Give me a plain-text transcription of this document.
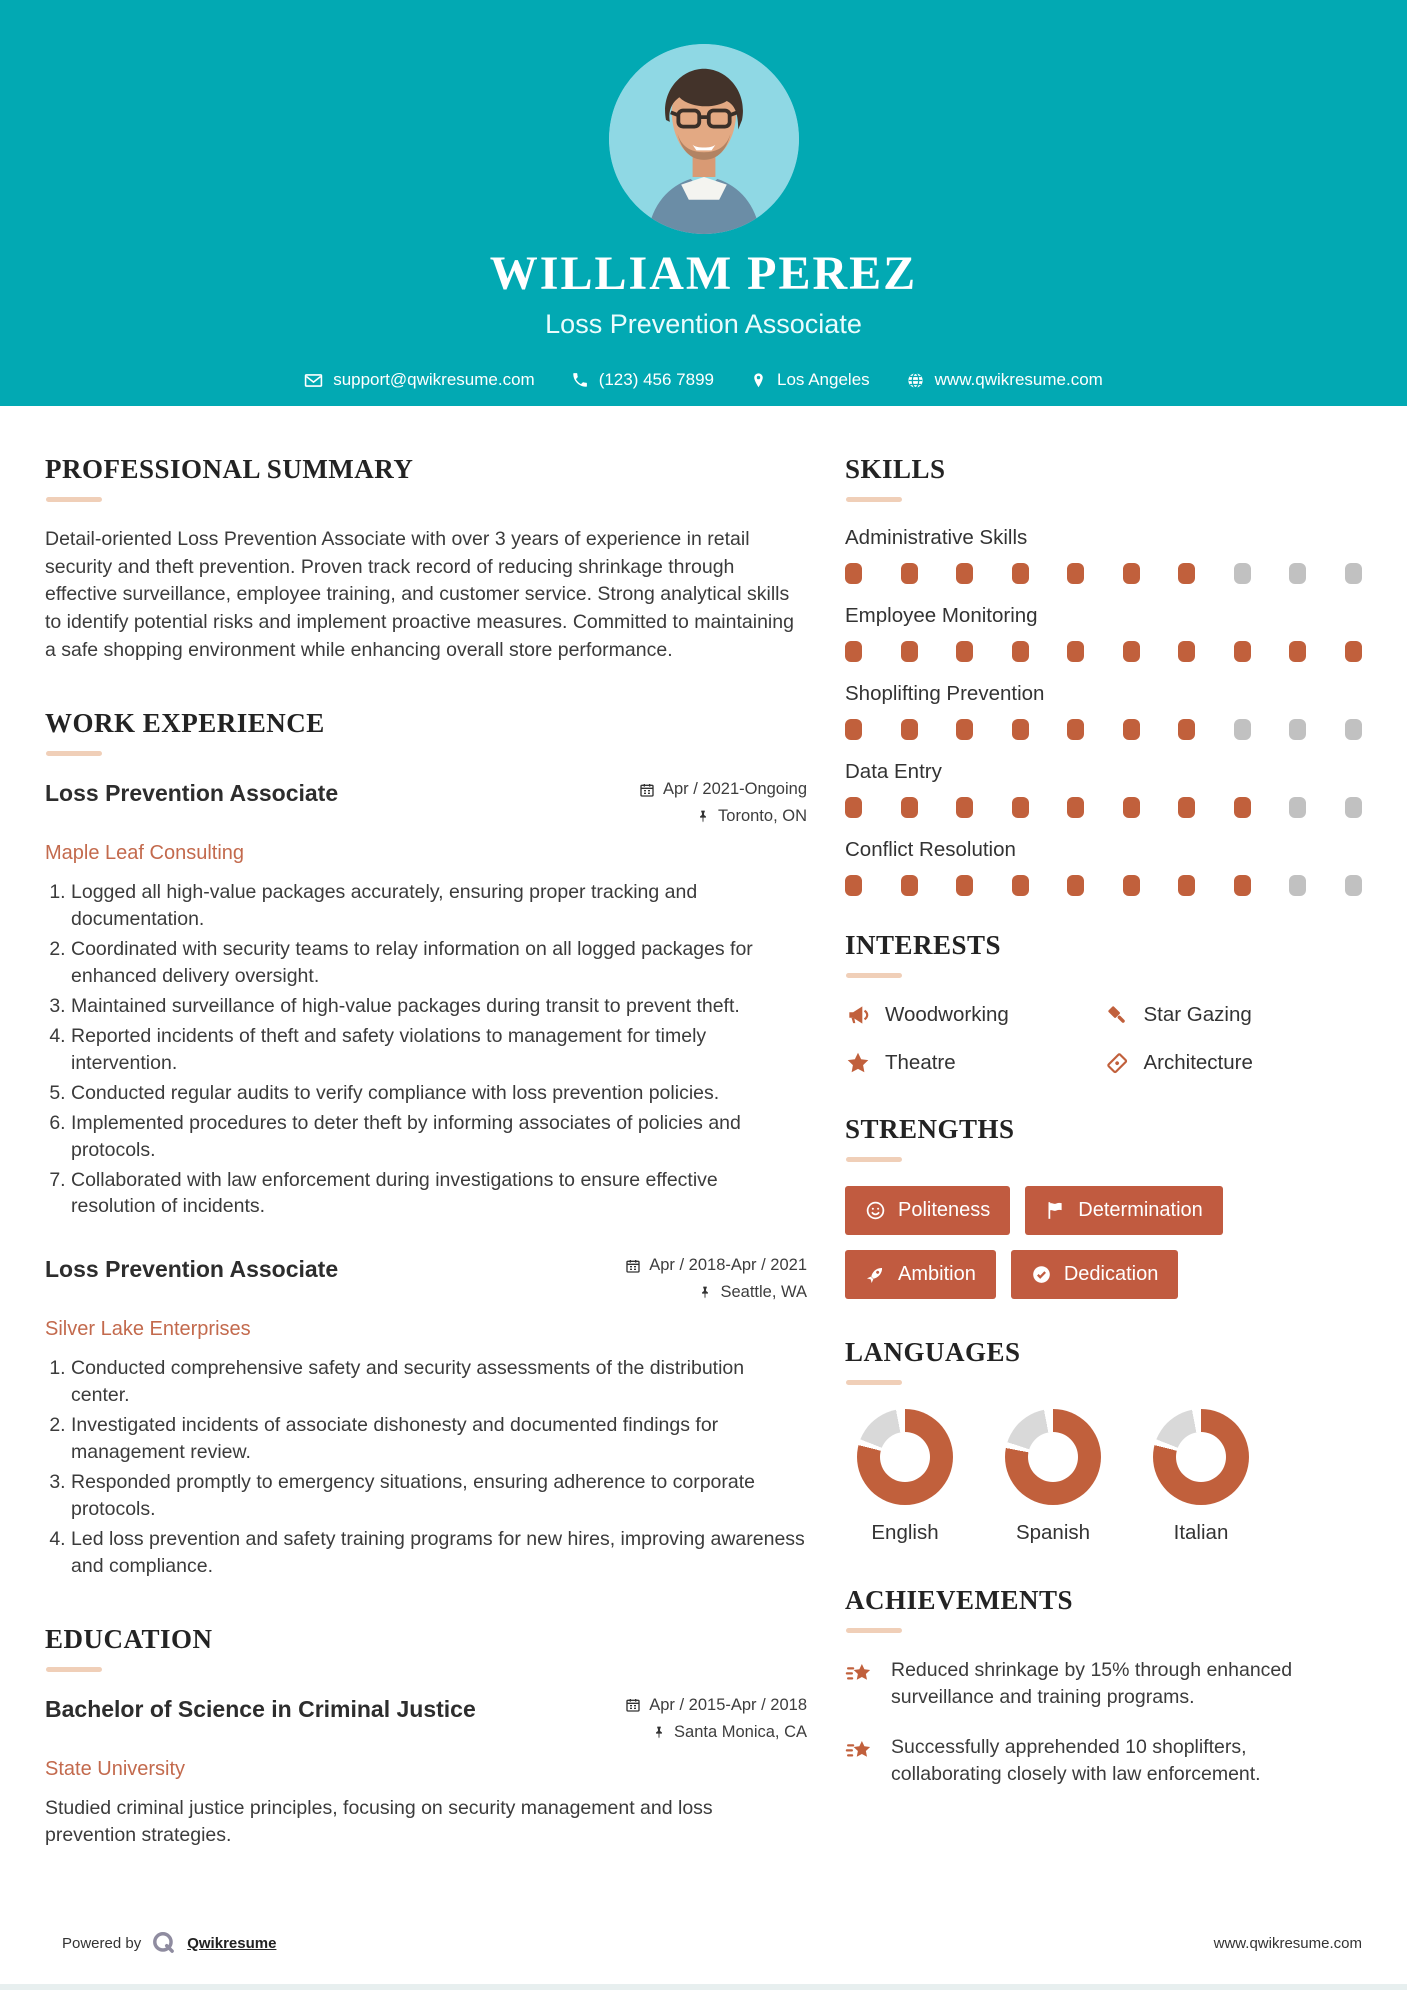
WILLIAM PEREZ
Loss Prevention Associate
support@qwikresume.com	(123) 456 7899	Los Angeles	www.qwikresume.com
PROFESSIONAL SUMMARY

Detail-oriented Loss Prevention Associate with over 3 years of experience in retail security and theft prevention. Proven track record of reducing shrinkage through effective surveillance, employee training, and customer service. Strong analytical skills to identify potential risks and implement proactive measures. Committed to maintaining a safe shopping environment while enhancing overall store performance.

WORK EXPERIENCE
Loss Prevention Associate	Apr / 2021-Ongoing
Toronto, ON
Maple Leaf Consulting
1. Logged all high-value packages accurately, ensuring proper tracking and documentation.
2. Coordinated with security teams to relay information on all logged packages for enhanced delivery oversight.
3. Maintained surveillance of high-value packages during transit to prevent theft.
4. Reported incidents of theft and safety violations to management for timely intervention.
5. Conducted regular audits to verify compliance with loss prevention policies.
6. Implemented procedures to deter theft by informing associates of policies and protocols.
7. Collaborated with law enforcement during investigations to ensure effective resolution of incidents.
Loss Prevention Associate	Apr / 2018-Apr / 2021
Seattle, WA
Silver Lake Enterprises
1. Conducted comprehensive safety and security assessments of the distribution center.
2. Investigated incidents of associate dishonesty and documented findings for management review.
3. Responded promptly to emergency situations, ensuring adherence to corporate protocols.
4. Led loss prevention and safety training programs for new hires, improving awareness and compliance.
EDUCATION
Bachelor of Science in Criminal Justice	Apr / 2015-Apr / 2018
Santa Monica, CA
State University

Studied criminal justice principles, focusing on security management and loss prevention strategies.

SKILLS
Administrative Skills
Employee Monitoring
Shoplifting Prevention
Data Entry
Conflict Resolution
INTERESTS
Woodworking	Star Gazing
Theatre	Architecture
STRENGTHS
Politeness	Determination
Ambition	Dedication
LANGUAGES
English	Spanish	Italian
ACHIEVEMENTS
Reduced shrinkage by 15% through enhanced surveillance and training programs.
Successfully apprehended 10 shoplifters, collaborating closely with law enforcement.
Powered by	Qwikresume	www.qwikresume.com
